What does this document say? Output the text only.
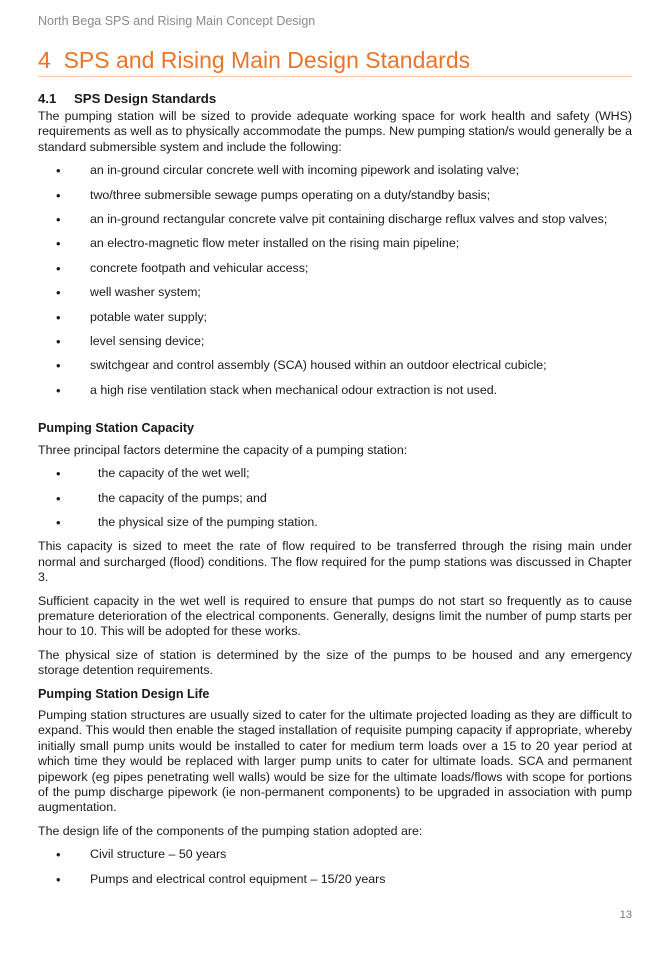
North Bega SPS and Rising Main Concept Design
4 SPS and Rising Main Design Standards
4.1 SPS Design Standards

The pumping station will be sized to provide adequate working space for work health and safety (WHS) requirements as well as to physically accommodate the pumps. New pumping station/s would generally be a standard submersible system and include the following:

• an in-ground circular concrete well with incoming pipework and isolating valve;
• two/three submersible sewage pumps operating on a duty/standby basis;
• an in-ground rectangular concrete valve pit containing discharge reflux valves and stop valves;
• an electro-magnetic flow meter installed on the rising main pipeline;
• concrete footpath and vehicular access;
• well washer system;
• potable water supply;
• level sensing device;
• switchgear and control assembly (SCA) housed within an outdoor electrical cubicle;
• a high rise ventilation stack when mechanical odour extraction is not used.
Pumping Station Capacity

Three principal factors determine the capacity of a pumping station:

• the capacity of the wet well;
• the capacity of the pumps; and
• the physical size of the pumping station.

This capacity is sized to meet the rate of flow required to be transferred through the rising main under normal and surcharged (flood) conditions. The flow required for the pump stations was discussed in Chapter 3.

Sufficient capacity in the wet well is required to ensure that pumps do not start so frequently as to cause premature deterioration of the electrical components. Generally, designs limit the number of pump starts per hour to 10. This will be adopted for these works.

The physical size of station is determined by the size of the pumps to be housed and any emergency storage detention requirements.

Pumping Station Design Life

Pumping station structures are usually sized to cater for the ultimate projected loading as they are difficult to expand. This would then enable the staged installation of requisite pumping capacity if appropriate, whereby initially small pump units would be installed to cater for medium term loads over a 15 to 20 year period at which time they would be replaced with larger pump units to cater for ultimate loads. SCA and permanent pipework (eg pipes penetrating well walls) would be size for the ultimate loads/flows with scope for portions of the pump discharge pipework (ie non-permanent components) to be upgraded in association with pump augmentation.

The design life of the components of the pumping station adopted are:

• Civil structure – 50 years
• Pumps and electrical control equipment – 15/20 years
13
